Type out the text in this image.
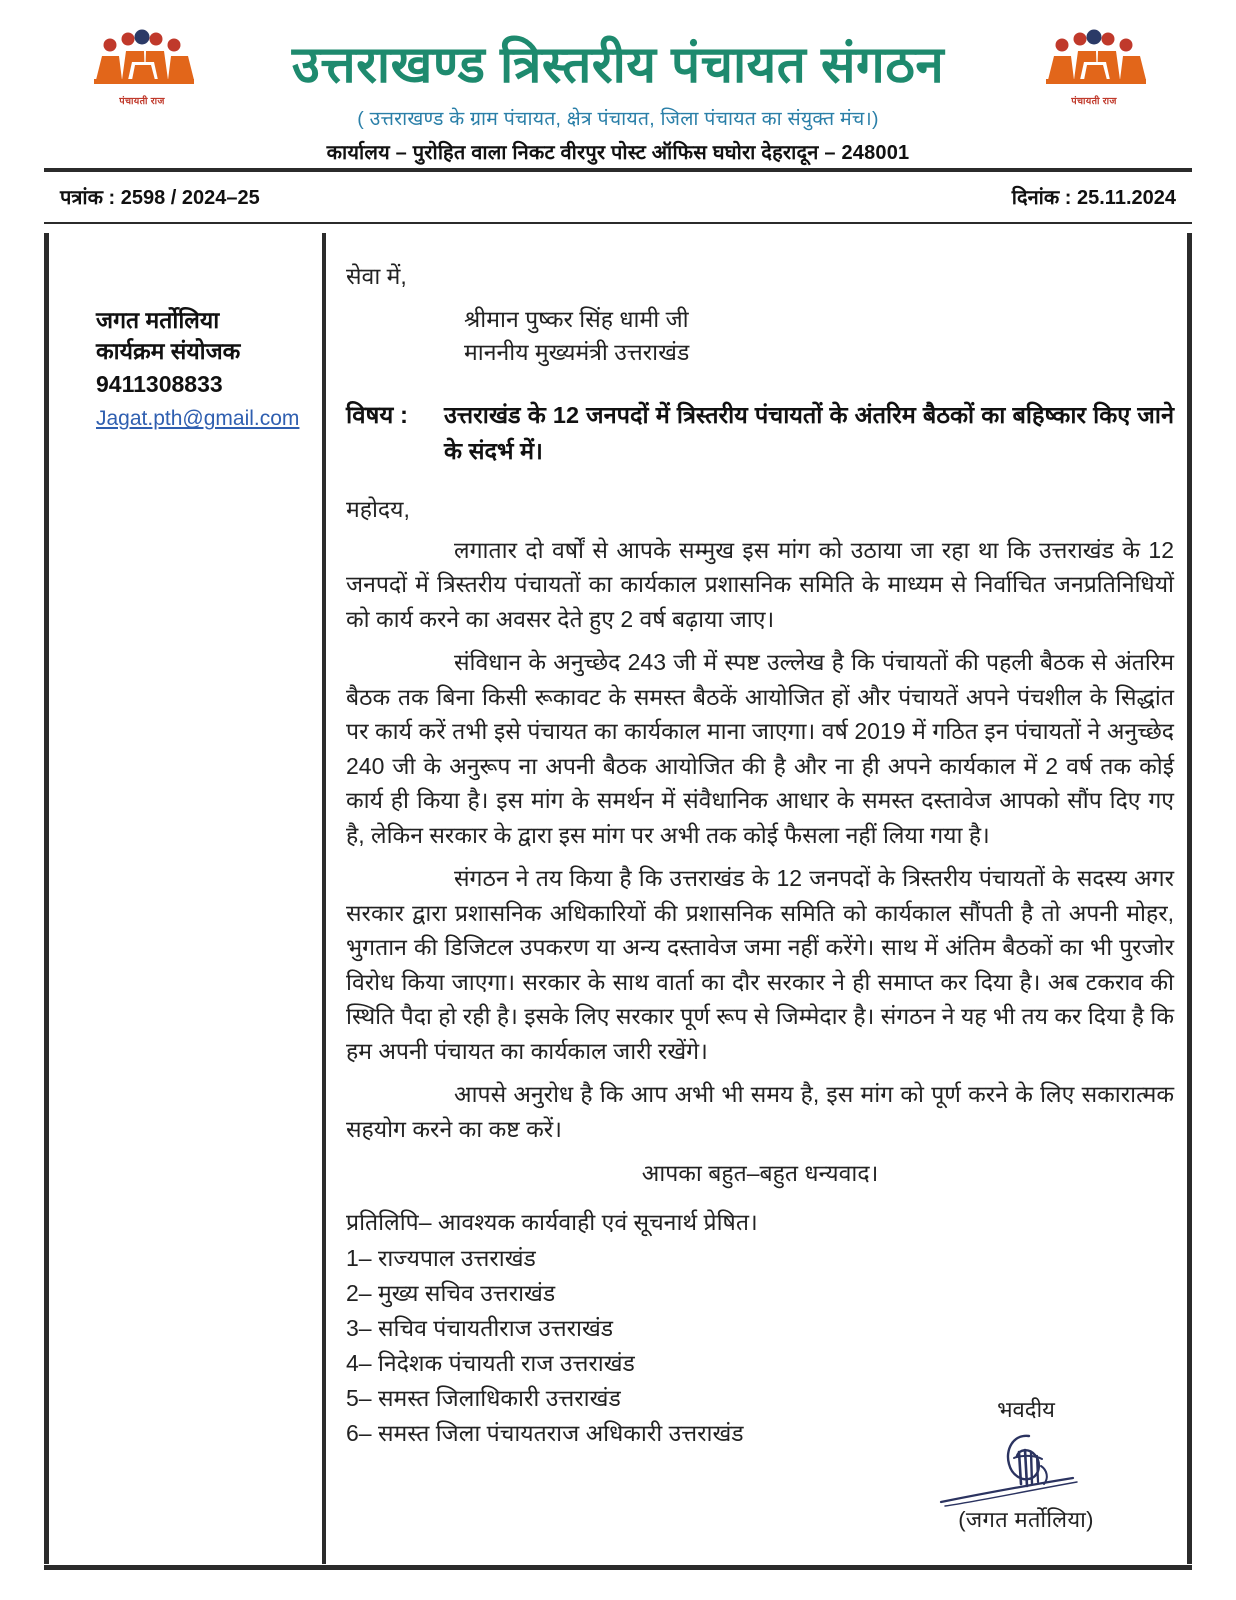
पंचायती राज	पंचायती राज
उत्तराखण्ड त्रिस्तरीय पंचायत संगठन
( उत्तराखण्ड के ग्राम पंचायत, क्षेत्र पंचायत, जिला पंचायत का संयुक्त मंच।)
कार्यालय – पुरोहित वाला निकट वीरपुर पोस्ट ऑफिस घघोरा देहरादून – 248001
पत्रांक : 2598 / 2024–25	दिनांक : 25.11.2024
जगत मर्तोलिया
कार्यक्रम संयोजक
9411308833
Jagat.pth@gmail.com
सेवा में,
श्रीमान पुष्कर सिंह धामी जी
माननीय मुख्यमंत्री उत्तराखंड
विषय : उत्तराखंड के 12 जनपदों में त्रिस्तरीय पंचायतों के अंतरिम बैठकों का बहिष्कार किए जाने के संदर्भ में।
महोदय,
लगातार दो वर्षों से आपके सम्मुख इस मांग को उठाया जा रहा था कि उत्तराखंड के 12 जनपदों में त्रिस्तरीय पंचायतों का कार्यकाल प्रशासनिक समिति के माध्यम से निर्वाचित जनप्रतिनिधियों को कार्य करने का अवसर देते हुए 2 वर्ष बढ़ाया जाए।
संविधान के अनुच्छेद 243 जी में स्पष्ट उल्लेख है कि पंचायतों की पहली बैठक से अंतरिम बैठक तक बिना किसी रूकावट के समस्त बैठकें आयोजित हों और पंचायतें अपने पंचशील के सिद्धांत पर कार्य करें तभी इसे पंचायत का कार्यकाल माना जाएगा। वर्ष 2019 में गठित इन पंचायतों ने अनुच्छेद 240 जी के अनुरूप ना अपनी बैठक आयोजित की है और ना ही अपने कार्यकाल में 2 वर्ष तक कोई कार्य ही किया है। इस मांग के समर्थन में संवैधानिक आधार के समस्त दस्तावेज आपको सौंप दिए गए है, लेकिन सरकार के द्वारा इस मांग पर अभी तक कोई फैसला नहीं लिया गया है।
संगठन ने तय किया है कि उत्तराखंड के 12 जनपदों के त्रिस्तरीय पंचायतों के सदस्य अगर सरकार द्वारा प्रशासनिक अधिकारियों की प्रशासनिक समिति को कार्यकाल सौंपती है तो अपनी मोहर, भुगतान की डिजिटल उपकरण या अन्य दस्तावेज जमा नहीं करेंगे। साथ में अंतिम बैठकों का भी पुरजोर विरोध किया जाएगा। सरकार के साथ वार्ता का दौर सरकार ने ही समाप्त कर दिया है। अब टकराव की स्थिति पैदा हो रही है। इसके लिए सरकार पूर्ण रूप से जिम्मेदार है। संगठन ने यह भी तय कर दिया है कि हम अपनी पंचायत का कार्यकाल जारी रखेंगे।
आपसे अनुरोध है कि आप अभी भी समय है, इस मांग को पूर्ण करने के लिए सकारात्मक सहयोग करने का कष्ट करें।
आपका बहुत–बहुत धन्यवाद।
प्रतिलिपि– आवश्यक कार्यवाही एवं सूचनार्थ प्रेषित।
1– राज्यपाल उत्तराखंड
2– मुख्य सचिव उत्तराखंड
3– सचिव पंचायतीराज उत्तराखंड
4– निदेशक पंचायती राज उत्तराखंड
5– समस्त जिलाधिकारी उत्तराखंड
6– समस्त जिला पंचायतराज अधिकारी उत्तराखंड
भवदीय
(जगत मर्तोलिया)
